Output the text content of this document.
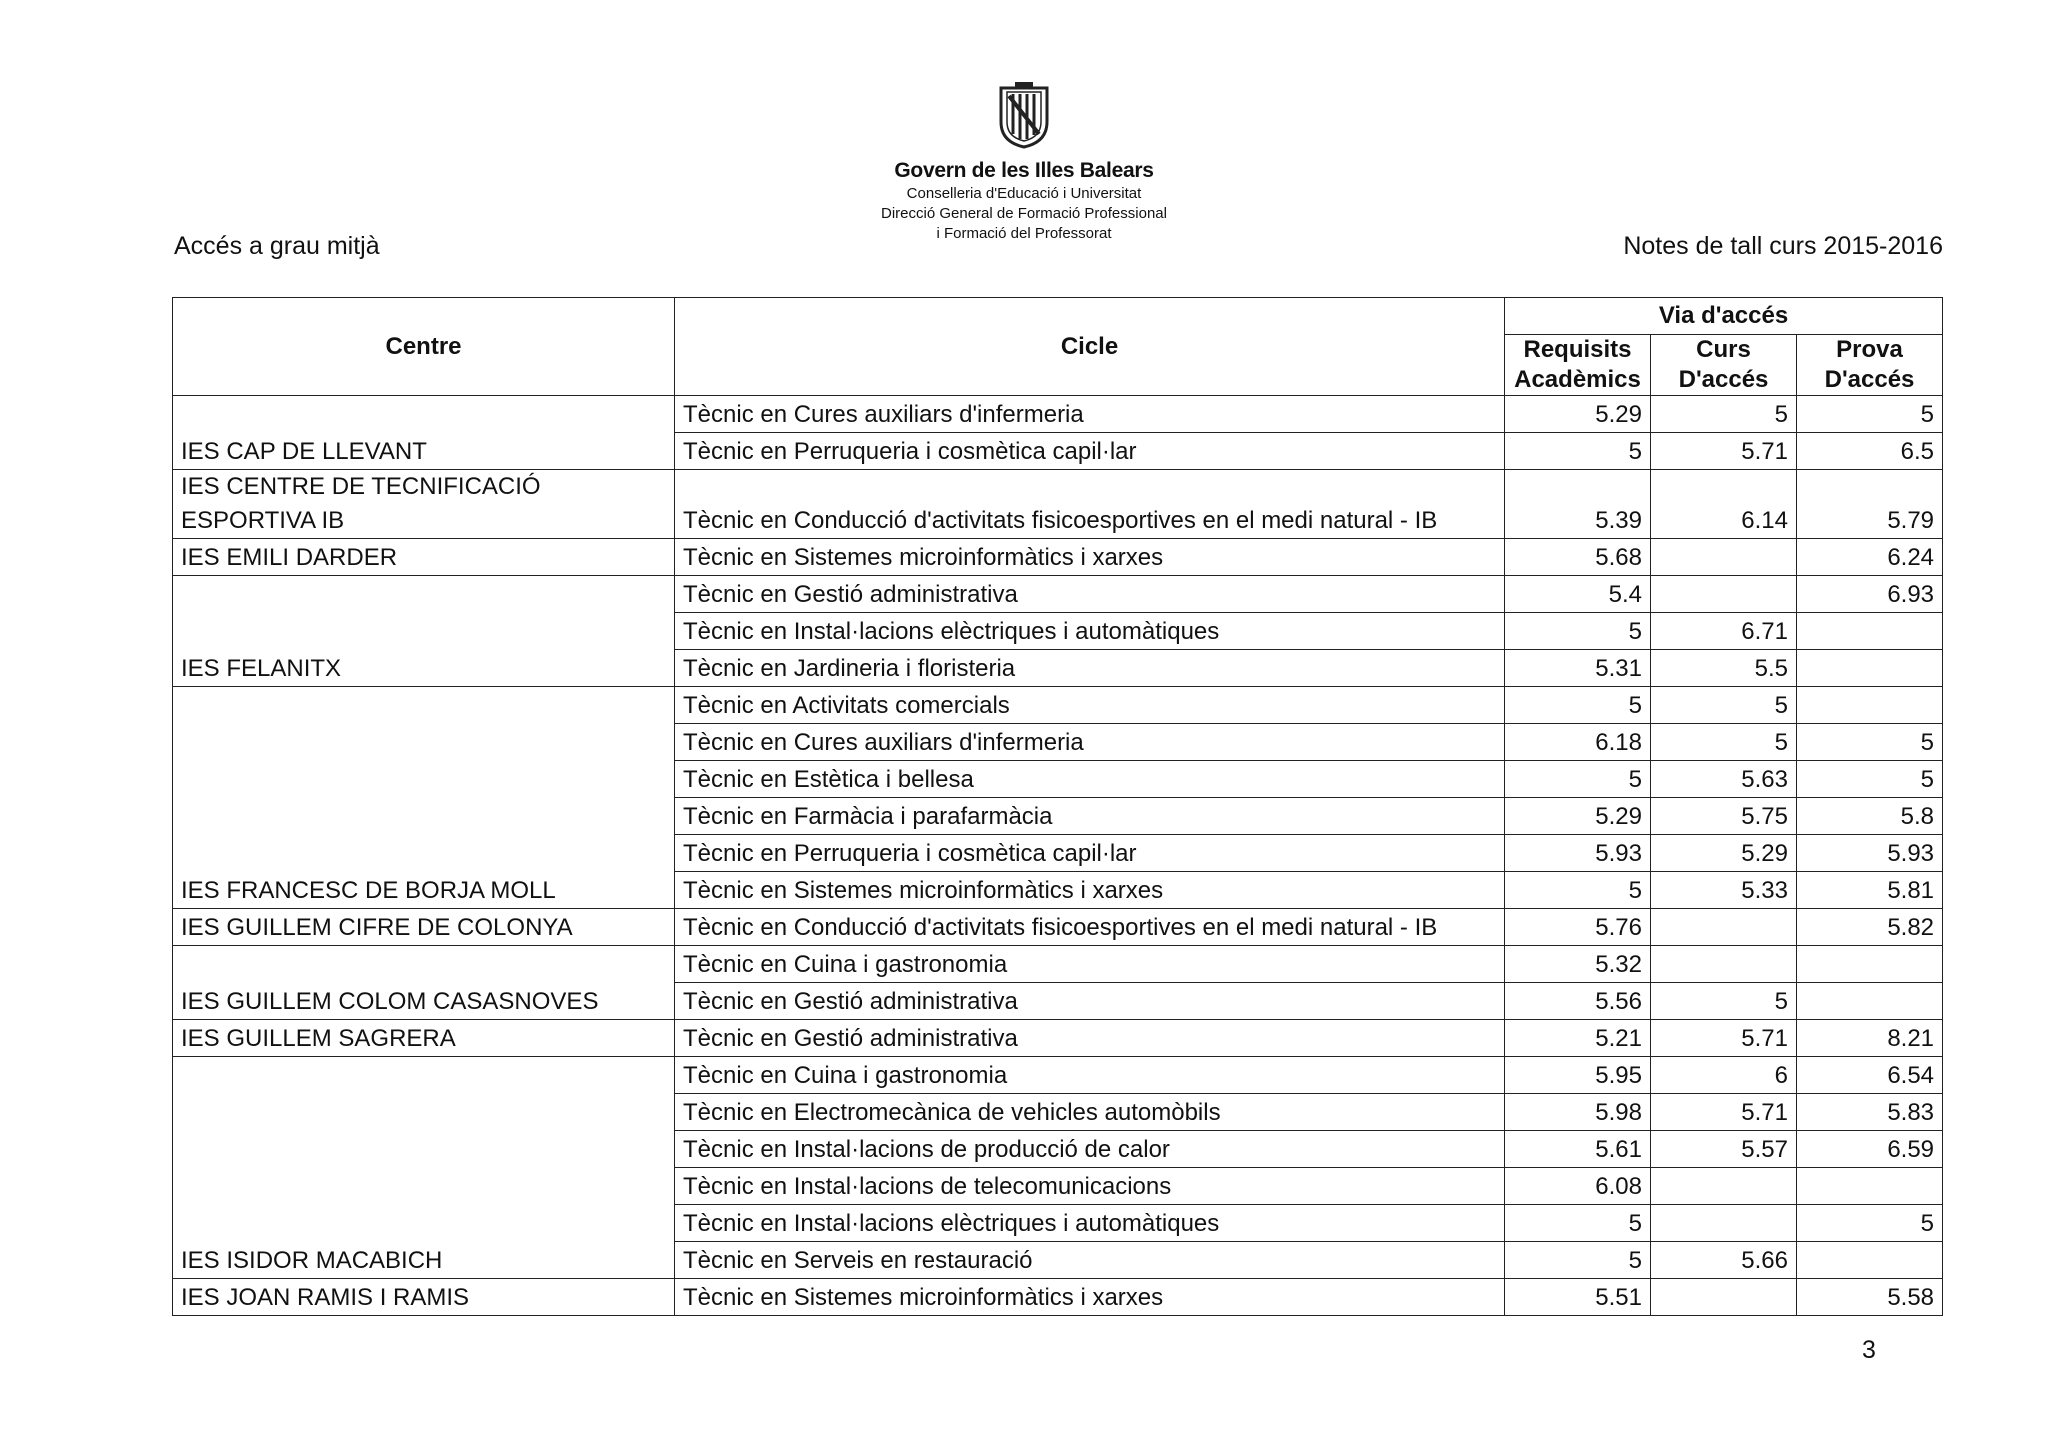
Govern de les Illes Balears
Conselleria d'Educació i Universitat
Direcció General de Formació Professional
i Formació del Professorat
Accés a grau mitjà	Notes de tall curs 2015-2016
Centre	Cicle	Via d'accés		
		Requisits Acadèmics	Curs D'accés	Prova D'accés
IES CAP DE LLEVANT	Tècnic en Cures auxiliars d'infermeria	5.29	5	5
	Tècnic en Perruqueria i cosmètica capil·lar	5	5.71	6.5
IES CENTRE DE TECNIFICACIÓ ESPORTIVA IB	Tècnic en Conducció d'activitats fisicoesportives en el medi natural - IB	5.39	6.14	5.79
IES EMILI DARDER	Tècnic en Sistemes microinformàtics i xarxes	5.68		6.24
IES FELANITX	Tècnic en Gestió administrativa	5.4		6.93
	Tècnic en Instal·lacions elèctriques i automàtiques	5	6.71	
	Tècnic en Jardineria i floristeria	5.31	5.5	
IES FRANCESC DE BORJA MOLL	Tècnic en Activitats comercials	5	5	
	Tècnic en Cures auxiliars d'infermeria	6.18	5	5
	Tècnic en Estètica i bellesa	5	5.63	5
	Tècnic en Farmàcia i parafarmàcia	5.29	5.75	5.8
	Tècnic en Perruqueria i cosmètica capil·lar	5.93	5.29	5.93
	Tècnic en Sistemes microinformàtics i xarxes	5	5.33	5.81
IES GUILLEM CIFRE DE COLONYA	Tècnic en Conducció d'activitats fisicoesportives en el medi natural - IB	5.76		5.82
IES GUILLEM COLOM CASASNOVES	Tècnic en Cuina i gastronomia	5.32		
	Tècnic en Gestió administrativa	5.56	5	
IES GUILLEM SAGRERA	Tècnic en Gestió administrativa	5.21	5.71	8.21
IES ISIDOR MACABICH	Tècnic en Cuina i gastronomia	5.95	6	6.54
	Tècnic en Electromecànica de vehicles automòbils	5.98	5.71	5.83
	Tècnic en Instal·lacions de producció de calor	5.61	5.57	6.59
	Tècnic en Instal·lacions de telecomunicacions	6.08		
	Tècnic en Instal·lacions elèctriques i automàtiques	5		5
	Tècnic en Serveis en restauració	5	5.66	
IES JOAN RAMIS I RAMIS	Tècnic en Sistemes microinformàtics i xarxes	5.51		5.58
3
